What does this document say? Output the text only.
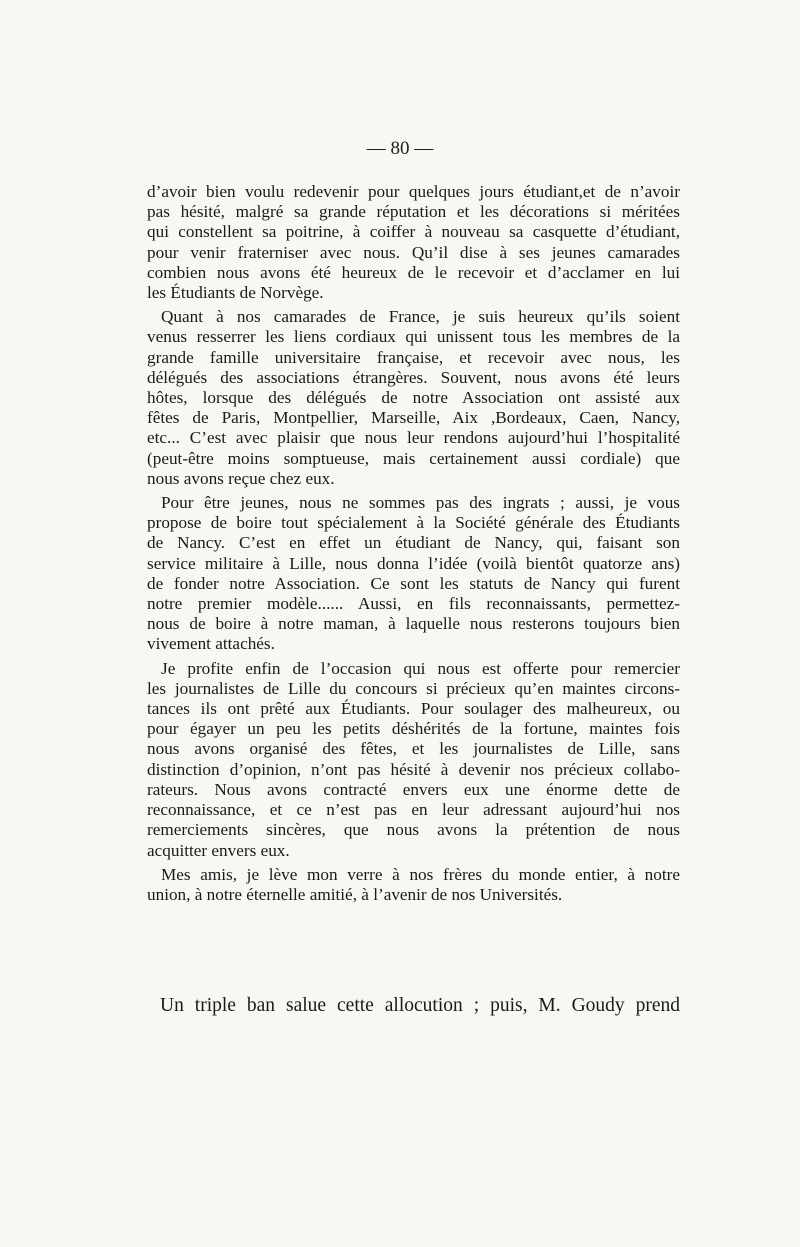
— 80 —
d’avoir bien voulu redevenir pour quelques jours étudiant,et de n’avoir
pas hésité, malgré sa grande réputation et les décorations si méritées
qui constellent sa poitrine, à coiffer à nouveau sa casquette d’étudiant,
pour venir fraterniser avec nous. Qu’il dise à ses jeunes camarades
combien nous avons été heureux de le recevoir et d’acclamer en lui
les Étudiants de Norvège.
Quant à nos camarades de France, je suis heureux qu’ils soient
venus resserrer les liens cordiaux qui unissent tous les membres de la
grande famille universitaire française, et recevoir avec nous, les
délégués des associations étrangères. Souvent, nous avons été leurs
hôtes, lorsque des délégués de notre Association ont assisté aux
fêtes de Paris, Montpellier, Marseille, Aix ,Bordeaux, Caen, Nancy,
etc... C’est avec plaisir que nous leur rendons aujourd’hui l’hospitalité
(peut-être moins somptueuse, mais certainement aussi cordiale) que
nous avons reçue chez eux.
Pour être jeunes, nous ne sommes pas des ingrats ; aussi, je vous
propose de boire tout spécialement à la Société générale des Étudiants
de Nancy. C’est en effet un étudiant de Nancy, qui, faisant son
service militaire à Lille, nous donna l’idée (voilà bientôt quatorze ans)
de fonder notre Association. Ce sont les statuts de Nancy qui furent
notre premier modèle...... Aussi, en fils reconnaissants, permettez-
nous de boire à notre maman, à laquelle nous resterons toujours bien
vivement attachés.
Je profite enfin de l’occasion qui nous est offerte pour remercier
les journalistes de Lille du concours si précieux qu’en maintes circons-
tances ils ont prêté aux Étudiants. Pour soulager des malheureux, ou
pour égayer un peu les petits déshérités de la fortune, maintes fois
nous avons organisé des fêtes, et les journalistes de Lille, sans
distinction d’opinion, n’ont pas hésité à devenir nos précieux collabo-
rateurs. Nous avons contracté envers eux une énorme dette de
reconnaissance, et ce n’est pas en leur adressant aujourd’hui nos
remerciements sincères, que nous avons la prétention de nous
acquitter envers eux.
Mes amis, je lève mon verre à nos frères du monde entier, à notre
union, à notre éternelle amitié, à l’avenir de nos Universités.
Un triple ban salue cette allocution ; puis, M. Goudy prend
